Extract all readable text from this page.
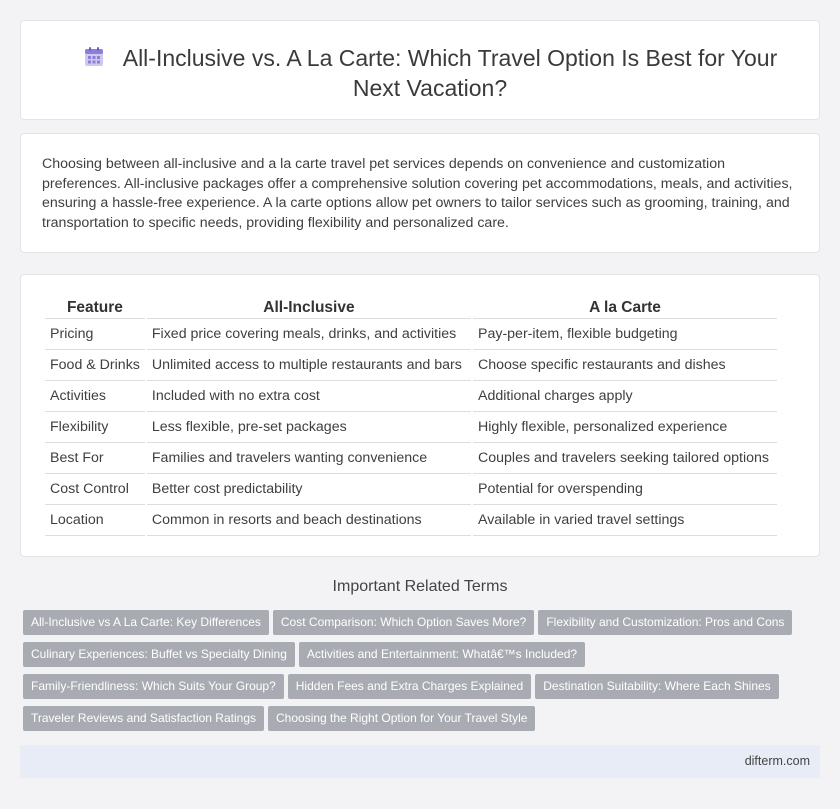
All-Inclusive vs. A La Carte: Which Travel Option Is Best for Your Next Vacation?

Choosing between all-inclusive and a la carte travel pet services depends on convenience and customization preferences. All-inclusive packages offer a comprehensive solution covering pet accommodations, meals, and activities, ensuring a hassle-free experience. A la carte options allow pet owners to tailor services such as grooming, training, and transportation to specific needs, providing flexibility and personalized care.

Feature	All-Inclusive	A la Carte
Pricing	Fixed price covering meals, drinks, and activities	Pay-per-item, flexible budgeting
Food & Drinks	Unlimited access to multiple restaurants and bars	Choose specific restaurants and dishes
Activities	Included with no extra cost	Additional charges apply
Flexibility	Less flexible, pre-set packages	Highly flexible, personalized experience
Best For	Families and travelers wanting convenience	Couples and travelers seeking tailored options
Cost Control	Better cost predictability	Potential for overspending
Location	Common in resorts and beach destinations	Available in varied travel settings
Important Related Terms
All-Inclusive vs A La Carte: Key Differences Cost Comparison: Which Option Saves More? Flexibility and Customization: Pros and ConsCulinary Experiences: Buffet vs Specialty Dining Activities and Entertainment: Whatâ€™s Included?Family-Friendliness: Which Suits Your Group? Hidden Fees and Extra Charges Explained Destination Suitability: Where Each ShinesTraveler Reviews and Satisfaction Ratings Choosing the Right Option for Your Travel Style
difterm.com
